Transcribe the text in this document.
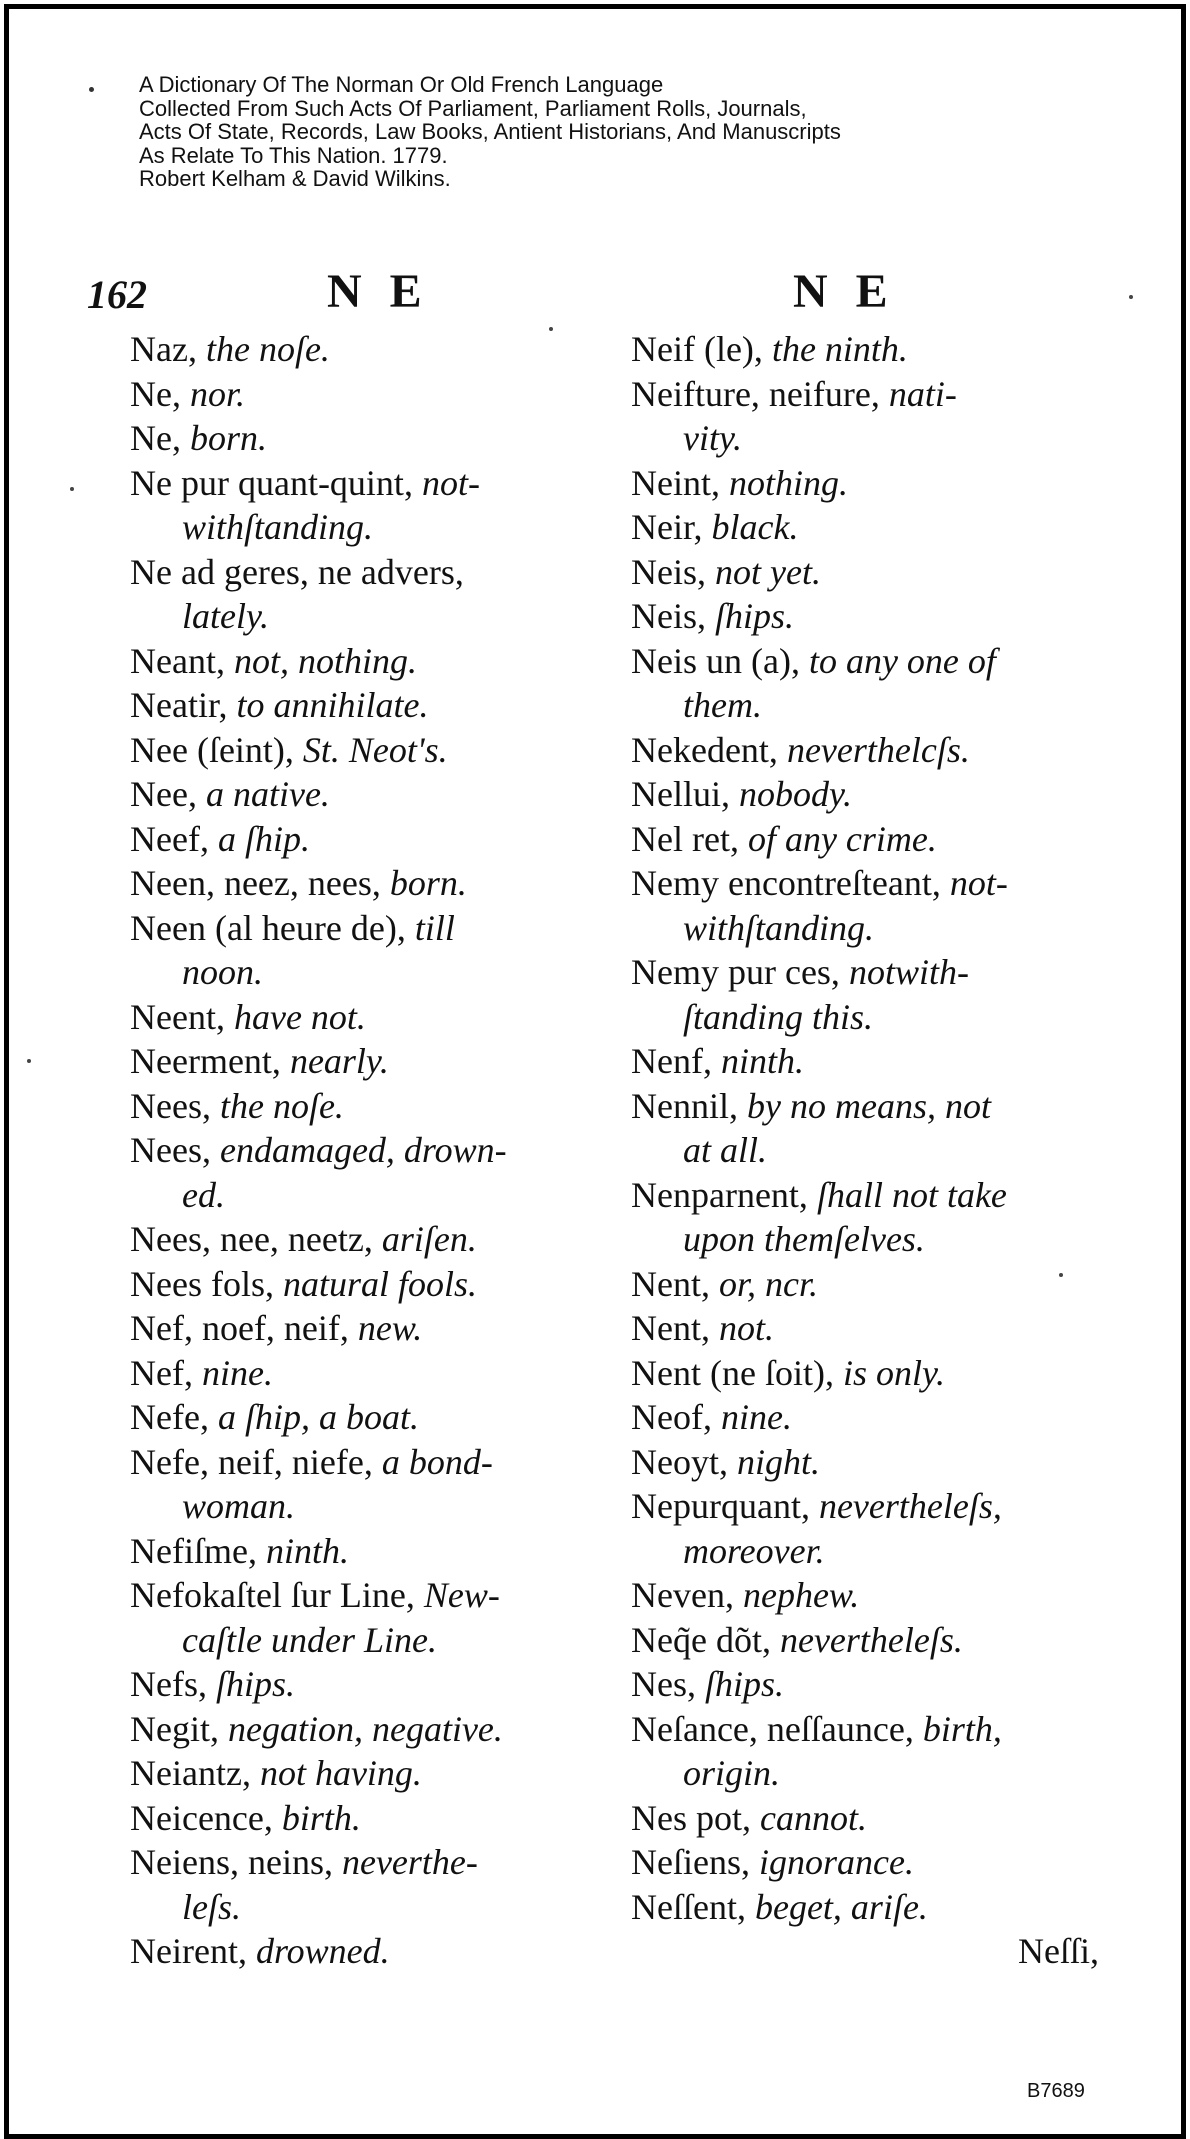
A Dictionary Of The Norman Or Old French Language
Collected From Such Acts Of Parliament, Parliament Rolls, Journals,
Acts Of State, Records, Law Books, Antient Historians, And Manuscripts
As Relate To This Nation. 1779.
Robert Kelham & David Wilkins.
162	N E	N E
Naz, the noſe.
Ne, nor.
Ne, born.
Ne pur quant-quint, not-
withſtanding.
Ne ad geres, ne advers,
lately.
Neant, not, nothing.
Neatir, to annihilate.
Nee (ſeint), St. Neot's.
Nee, a native.
Neef, a ſhip.
Neen, neez, nees, born.
Neen (al heure de), till
noon.
Neent, have not.
Neerment, nearly.
Nees, the noſe.
Nees, endamaged, drown-
ed.
Nees, nee, neetz, ariſen.
Nees fols, natural fools.
Nef, noef, neif, new.
Nef, nine.
Nefe, a ſhip, a boat.
Nefe, neif, niefe, a bond-
woman.
Nefiſme, ninth.
Nefokaſtel ſur Line, New-
caſtle under Line.
Nefs, ſhips.
Negit, negation, negative.
Neiantz, not having.
Neicence, birth.
Neiens, neins, neverthe-
leſs.
Neirent, drowned.
Neif (le), the ninth.
Neifture, neifure, nati-
vity.
Neint, nothing.
Neir, black.
Neis, not yet.
Neis, ſhips.
Neis un (a), to any one of
them.
Nekedent, neverthelcſs.
Nellui, nobody.
Nel ret, of any crime.
Nemy encontreſteant, not-
withſtanding.
Nemy pur ces, notwith-
ſtanding this.
Nenf, ninth.
Nennil, by no means, not
at all.
Nenparnent, ſhall not take
upon themſelves.
Nent, or, ncr.
Nent, not.
Nent (ne ſoit), is only.
Neof, nine.
Neoyt, night.
Nepurquant, nevertheleſs,
moreover.
Neven, nephew.
Neq̃e dõt, nevertheleſs.
Nes, ſhips.
Neſance, neſſaunce, birth,
origin.
Nes pot, cannot.
Neſiens, ignorance.
Neſſent, beget, ariſe.
Neſſi,
B7689
